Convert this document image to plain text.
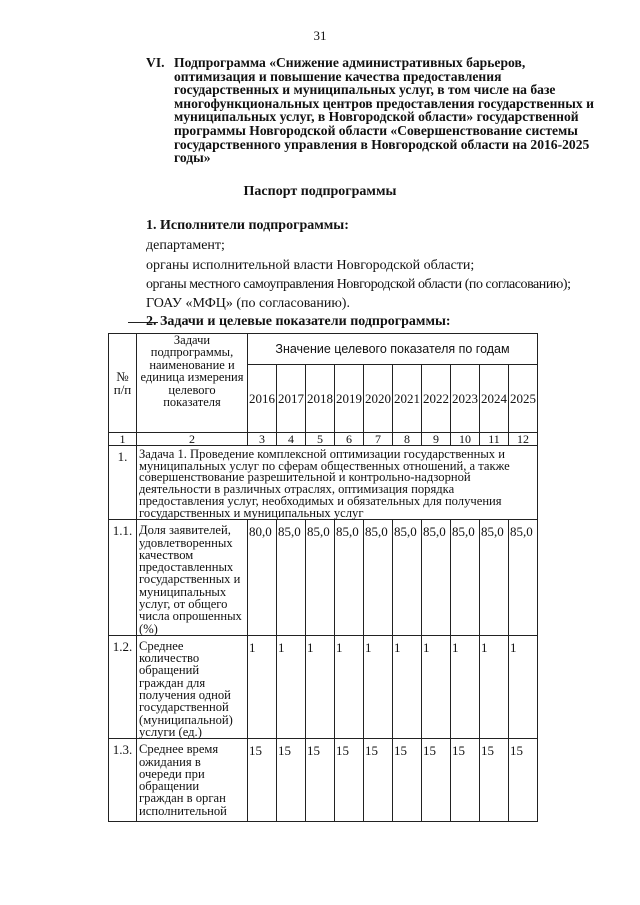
31
VI. Подпрограмма «Снижение административных барьеров, оптимизация и повышение качества предоставления государственных и муниципальных услуг, в том числе на базе многофункциональных центров предоставления государственных и муниципальных услуг, в Новгородской области» государственной программы Новгородской области «Совершенствование системы государственного управления в Новгородской области на 2016-2025 годы»
Паспорт подпрограммы
1. Исполнители подпрограммы:
департамент;
органы исполнительной власти Новгородской области;
органы местного самоуправления Новгородской области (по согласованию);
ГОАУ «МФЦ» (по согласованию).
2. Задачи и целевые показатели подпрограммы:
№ п/п	Задачи подпрограммы, наименование и единица измерения целевого показателя	Значение целевого показателя по годам									
		2016	2017	2018	2019	2020	2021	2022	2023	2024	2025
1	2	3	4	5	6	7	8	9	10	11	12
1.	Задача 1. Проведение комплексной оптимизации государственных и муниципальных услуг по сферам общественных отношений, а также совершенствование разрешительной и контрольно-надзорной деятельности в различных отраслях, оптимизация порядка предоставления услуг, необходимых и обязательных для получения государственных и муниципальных услуг										
1.1.	Доля заявителей, удовлетворенных качеством предоставленных государственных и муниципальных услуг, от общего числа опрошенных (%)	80,0	85,0	85,0	85,0	85,0	85,0	85,0	85,0	85,0	85,0
1.2.	Среднее количество обращений граждан для получения одной государственной (муниципальной) услуги (ед.)	1	1	1	1	1	1	1	1	1	1
1.3.	Среднее время ожидания в очереди при обращении граждан в орган исполнительной	15	15	15	15	15	15	15	15	15	15
